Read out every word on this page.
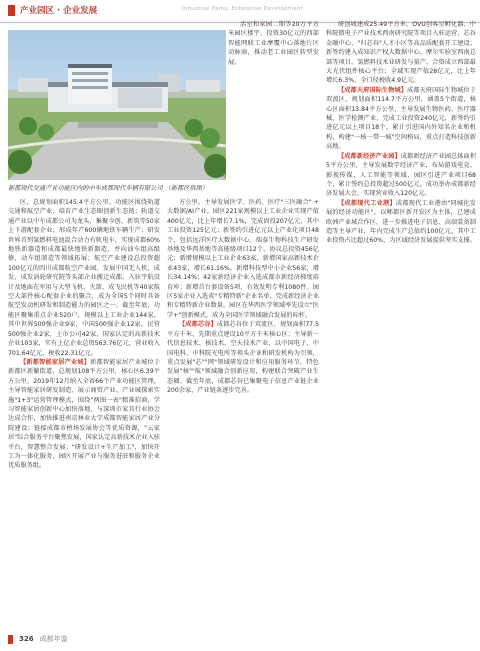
产业园区 · 企业发展	Industrial Parks, Enterprise Development
新都现代交通产业功能区内的中车成都现代车辆有限公司 （新都区供图）

活室和家园二期等20万平方米园区楼宇，投资30亿元的西部智能网联工业摩覆中心落地片区动脉商，推动老工业园区转型发展。

区，总规划面积145.4平方公里。功能区围绕轨道交通和航空产业，培育产业生态圈创新生态链；轨道交通产业以中车成都公司为龙头，集聚今创、新筑等50家上下游配套企业，形成年产600辆地铁车辆生产；研发世界首列氢燃料电池混合动力有轨电车，实现成都60%地铁新器造和成都最快地铁新器造，并向油车组高级修，动车组制造等领域拓展；航空产业建设总投资超100亿元的四川成都航空产业园，发展中国无人机、成发、成发涡轮研究院等头部企业搬迁成都，入驻宇航设计及地面在军用与大型飞机、火箭、成飞民机等40家航空大部件核心配套企业的聚合，成为全国5个同时具备航空发动机研发和制造能力的园区之一。截至年底，功能区聚集重点企业520户，规模以上工业企业144家，其中世界500强企业9家，中国500强企业12家，民营500强企业2家，上市公司42家，国家认定的高新技术企业103家，实有上亿企业总资563.76亿元，营业收入701.64亿元，税收22.31亿元。

【新都智能家居产业城】新都智能家居产业城位于新都区新繁街道，总规划108平方公里，核心区6.39平方公里。2019年12月纳入全省66个产业功能区管理，主导智能家居研发制造、展示商贸产业。产业城探索实施"1+3"运营管理模式，围绕"两图一表"精准招商，学习智能家居创新中心加快落地，与深圳市家具行业协会达成合作，加快推进南京林业大学成都智能家居产业分院建设；链接成都市榜场发展协会等优质资源，"云家居"综合服务平台聚焦发展，国家认定高新技术企业入驻平台，智慧整合发展；"研发设计+生产加工"，加快开工为一体化服务，园区开展产业与服务进驻和服务企业优质服务组。

方公里，主导发展医学、医药、医疗"三医融合" + 大数据/AI产业。园区221家规模以上工业企业实现产值400亿元，比上年增长7.1%，完成固投207亿元，其中工业投资125亿元；新签约引进亿元以上产业化项目48个，包括远洋医疗大数据中心、瑞泰生物科技生产研发基地及华西基地等高能级项目12个，协议总投资456亿元；新增规模以上工业企业63家，新增国家高新技术企业43家，增长61.16%，新增科技型中小企业56家，增长34.14%；42家新经济企业入选成都市新经济梯度培育库；新增首台套设备5项、有效发明专利1080件。园区5家企业入选省"专精特新"企业名单，完成新经济企业和专精特新企业数量。园区在华西医学领域率先设立"医学+"创新模式，成为全国医学领域融合发展的标杆。

【成都芯谷】成都芯谷位于双流区、规划面积77.5平方千米，先期重点建设10平方千米核心区；主导新一代信息技术、核技术、空天技术产业，以中国电子、中国电科、中科院光电所等领头企业和研发机构为引领，重点发展"芯""网"领域研发设计和应用服务环节，特色发展"核""航"领域融合创新应用，构建联合突破产业生态圈。截至年底，成都芯谷已集聚电子信息产业链企业200余家，产业链条逐步完善。

研创城建成25.49平方米，OVU创客星孵化器、中科院微电子产业技术西南研究院等项目入驻运营，芯谷金融中心、"归芯谷"人才小区等高品质配套开工建设；新签约建入成知识产权大数据中心、摩尔实验室西南总部等项目，氢燃料技术业研发与量产、合资成立西部最大光伏组件核心平台；全域实现产值28亿元，比上年增长6.3%，全口径税收4.9亿元。

【成都天府国际生物城】成都天府国际生物城位于双流区，规划面积114.7平方公里，涵盖5个街道，核心区面积13.84平方公里，主导发展生物医药、医疗器械、医学检测产业，完成工业投资240亿元，新签约引进亿元以上项目18个，累计引进国内外知名企业和机构，构建"一核一带一城"空间格局，重点打造科技创新高地。

【成都新经济产业园】成都新经济产业园总体面积5平方公里，主导发展数字经济产业，布局游戏电竞、影视传媒、人工智能等领域，园区引进产业项目68个，累计签约总投资超过500亿元，成功举办成都新经济发展大会，实现营业收入120亿元。

【成都现代工业港】成都现代工业港由"同城化发展的经济功能区"，以郫都区新开发区为主体，已建成欧洲产业城合作区，进一步推进电子信息、高端装备制造等主导产业，年内完成生产总值约100亿元，其中工业投资占比超过60%，为区域经济发展提供坚实支撑。

326 成都年鉴
